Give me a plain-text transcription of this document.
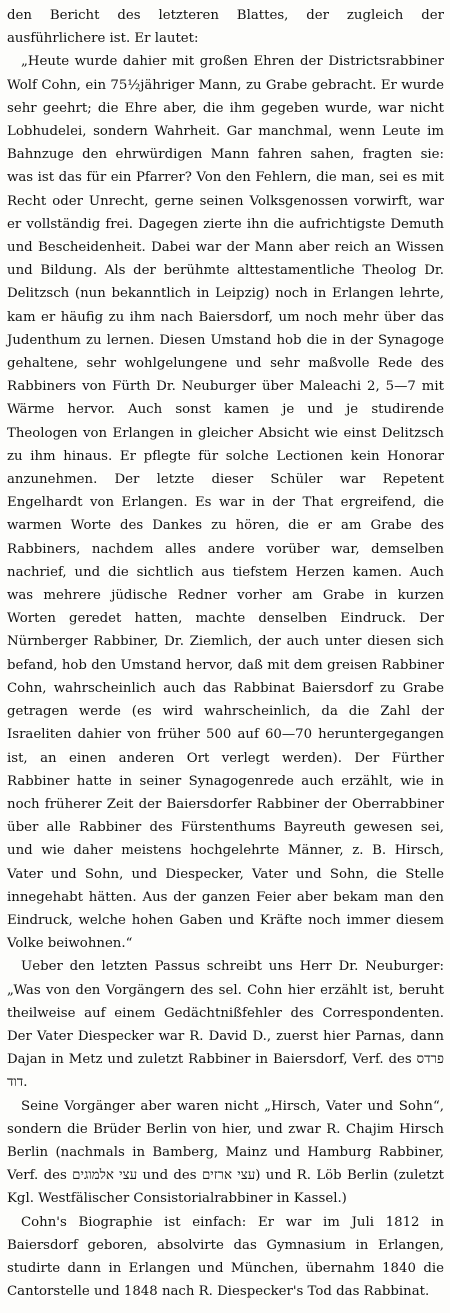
den Bericht des letzteren Blattes, der zugleich der ausführlichere ist. Er lautet:

„Heute wurde dahier mit großen Ehren der Districtsrabbiner Wolf Cohn, ein 75½jähriger Mann, zu Grabe gebracht. Er wurde sehr geehrt; die Ehre aber, die ihm gegeben wurde, war nicht Lobhudelei, sondern Wahrheit. Gar manchmal, wenn Leute im Bahnzuge den ehrwürdigen Mann fahren sahen, fragten sie: was ist das für ein Pfarrer? Von den Fehlern, die man, sei es mit Recht oder Unrecht, gerne seinen Volksgenossen vorwirft, war er vollständig frei. Dagegen zierte ihn die aufrichtigste Demuth und Bescheidenheit. Dabei war der Mann aber reich an Wissen und Bildung. Als der berühmte alttestamentliche Theolog Dr. Delitzsch (nun bekanntlich in Leipzig) noch in Erlangen lehrte, kam er häufig zu ihm nach Baiersdorf, um noch mehr über das Judenthum zu lernen. Diesen Umstand hob die in der Synagoge gehaltene, sehr wohlgelungene und sehr maßvolle Rede des Rabbiners von Fürth Dr. Neuburger über Maleachi 2, 5—7 mit Wärme hervor. Auch sonst kamen je und je studirende Theologen von Erlangen in gleicher Absicht wie einst Delitzsch zu ihm hinaus. Er pflegte für solche Lectionen kein Honorar anzunehmen. Der letzte dieser Schüler war Repetent Engelhardt von Erlangen. Es war in der That ergreifend, die warmen Worte des Dankes zu hören, die er am Grabe des Rabbiners, nachdem alles andere vorüber war, demselben nachrief, und die sichtlich aus tiefstem Herzen kamen. Auch was mehrere jüdische Redner vorher am Grabe in kurzen Worten geredet hatten, machte denselben Eindruck. Der Nürnberger Rabbiner, Dr. Ziemlich, der auch unter diesen sich befand, hob den Umstand hervor, daß mit dem greisen Rabbiner Cohn, wahrscheinlich auch das Rabbinat Baiersdorf zu Grabe getragen werde (es wird wahrscheinlich, da die Zahl der Israeliten dahier von früher 500 auf 60—70 heruntergegangen ist, an einen anderen Ort verlegt werden). Der Fürther Rabbiner hatte in seiner Synagogenrede auch erzählt, wie in noch früherer Zeit der Baiersdorfer Rabbiner der Oberrabbiner über alle Rabbiner des Fürstenthums Bayreuth gewesen sei, und wie daher meistens hochgelehrte Männer, z. B. Hirsch, Vater und Sohn, und Diespecker, Vater und Sohn, die Stelle innegehabt hätten. Aus der ganzen Feier aber bekam man den Eindruck, welche hohen Gaben und Kräfte noch immer diesem Volke beiwohnen.“

Ueber den letzten Passus schreibt uns Herr Dr. Neuburger: „Was von den Vorgängern des sel. Cohn hier erzählt ist, beruht theilweise auf einem Gedächtnißfehler des Correspondenten. Der Vater Diespecker war R. David D., zuerst hier Parnas, dann Dajan in Metz und zuletzt Rabbiner in Baiersdorf, Verf. des פרדס דוד.

Seine Vorgänger aber waren nicht „Hirsch, Vater und Sohn“, sondern die Brüder Berlin von hier, und zwar R. Chajim Hirsch Berlin (nachmals in Bamberg, Mainz und Hamburg Rabbiner, Verf. des עצי אלמוגים und des עצי ארזים) und R. Löb Berlin (zuletzt Kgl. Westfälischer Consistorialrabbiner in Kassel.)

Cohn's Biographie ist einfach: Er war im Juli 1812 in Baiersdorf geboren, absolvirte das Gymnasium in Erlangen, studirte dann in Erlangen und München, übernahm 1840 die Cantorstelle und 1848 nach R. Diespecker's Tod das Rabbinat.
